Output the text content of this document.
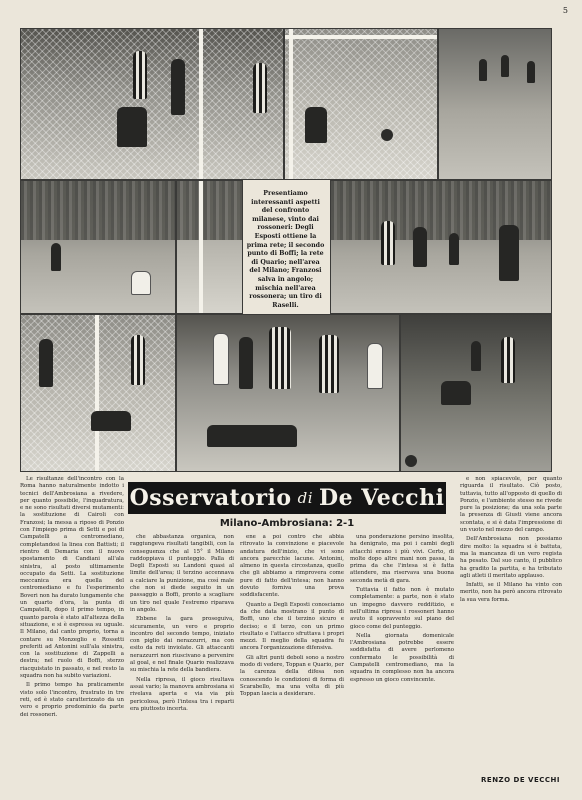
5
Presentiamo interessanti aspetti del confronto milanese, vinto dai rossoneri: Degli Esposti ottiene la prima rete; il secondo punto di Boffi; la rete di Quario; nell'area del Milano; Franzosi salva in angolo; mischia nell'area rossonera; un tiro di Raselli.
Osservatorio di De Vecchi
Milano-Ambrosiana: 2-1

Le risultanze dell'incontro con la Roma hanno naturalmente indotto i tecnici dell'Ambrosiana a rivedere, per quanto possibile, l'inquadratura, e ne sono risultati diversi mutamenti: la sostituzione di Cairoli con Franzosi; la messa a riposo di Ponzio con l'impiego prima di Setti e poi di Campatelli a centromediano, completandosi la linea con Battisti; il rientro di Demaria con il nuovo spostamento di Candiani all'ala sinistra, al posto ultimamente occupato da Setti. La sostituzione meccanica era quella del centromediano e fu l'esperimento Boveri non ha durato lungamente che un quarto d'ora, la punta di Campatelli, dopo il primo tempo, in quanto parola è stato all'altezza della situazione, e si è espressa su uguale. Il Milano, dal canto proprio, torna a contare su Monzeglio e Rossetti preferiti ad Antonini sull'ala sinistra, con la sostituzione di Zappelli a destra; nel ruolo di Boffi, sterzo riacquistato in passato, e nel resto la squadra non ha subito variazioni.

Il primo tempo ha praticamente visto solo l'incontro, frustrato in tre reti, ed è stato caratterizzato da un vero e proprio predominio da parte dei rossoneri.

che abbastanza organica, non raggiungeva risultati tangibili, con la conseguenza che al 15° il Milano raddoppiava il punteggio. Palla di Degli Esposti su Landoni quasi al limite dell'area; il terzino accennava a calciare la punizione, ma così male che non si diede seguito in un passaggio a Boffi, pronto a scagliare un tiro nel quale l'estremo riparava in angolo.

Ebbene la gara proseguiva, sicuramente, un vero e proprio incontro del secondo tempo, iniziato con piglio dai nerazzurri, ma con esito da reti inviolate. Gli attaccanti nerazzurri non riuscivano a pervenire al goal, e nel finale Quario realizzava su mischia la rete della bandiera.

Nella ripresa, il gioco risultava assai vario; la manovra ambrosiana si rivelava aperta e via via più pericolosa, però l'intesa tra i reparti era piuttosto incerta.

ene a poi contro che abbia ritrovato la convinzione e piacevole andatura dell'inizio, che vi sono ancora parecchie lacune. Antonini, almeno in questa circostanza, quello che gli abbiamo a rimprovera come pure di fatto dell'intesa; non hanno dovuto forniva una prova soddisfacente.

Quanto a Degli Esposti conosciamo da che data mostrano il punto di Boffi, uno che il terzino sicuro e deciso; e il terzo, con un primo risultato e l'attacco sfruttava i propri mezzi. Il meglio della squadra fu ancora l'organizzazione difensiva.

Gli altri punti deboli sono a nostro modo di vedere, Toppan e Quario, per la carenza della difesa non conoscendo le condizioni di forma di Scarabello, ma una volta di più Toppan lascia a desiderare.

una ponderazione persino insolita, ha denigrato, ma poi i cambi degli attacchi erano i più vivi. Certo, di molte dopo altre mani non passa, la prima da che l'intesa si è fatta attendere, ma riservava una buona seconda metà di gara.

Tuttavia il fatto non è mutato completamente: a parte, non è stato un impegno davvero redditizio, e nell'ultima ripresa i rossoneri hanno avuto il sopravvento sul piano del gioco come del punteggio.

Nella giornata domenicale l'Ambrosiana potrebbe essere soddisfatta di avere perlomeno confermato le possibilità di Campatelli centromediano, ma la squadra in complesso non ha ancora espresso un gioco convincente.

e non spiacevole, per quanto riguarda il risultato. Ciò posto, tuttavia, tutto all'opposto di quello di Ponzio, e l'ambiente stesso ne rivede pure la posizione; da una sola parte la presenza di Giusti viene ancora scontata, e si è data l'impressione di un vuoto nel mezzo del campo.

Dell'Ambrosiana non possiamo dire molto: la squadra si è battuta, ma la mancanza di un vero regista ha pesato. Dal suo canto, il pubblico ha gradito la partita, e ha tributato agli atleti il meritato applauso.

Infatti, se il Milano ha vinto con merito, non ha però ancora ritrovato la sua vera forma.

RENZO DE VECCHI
